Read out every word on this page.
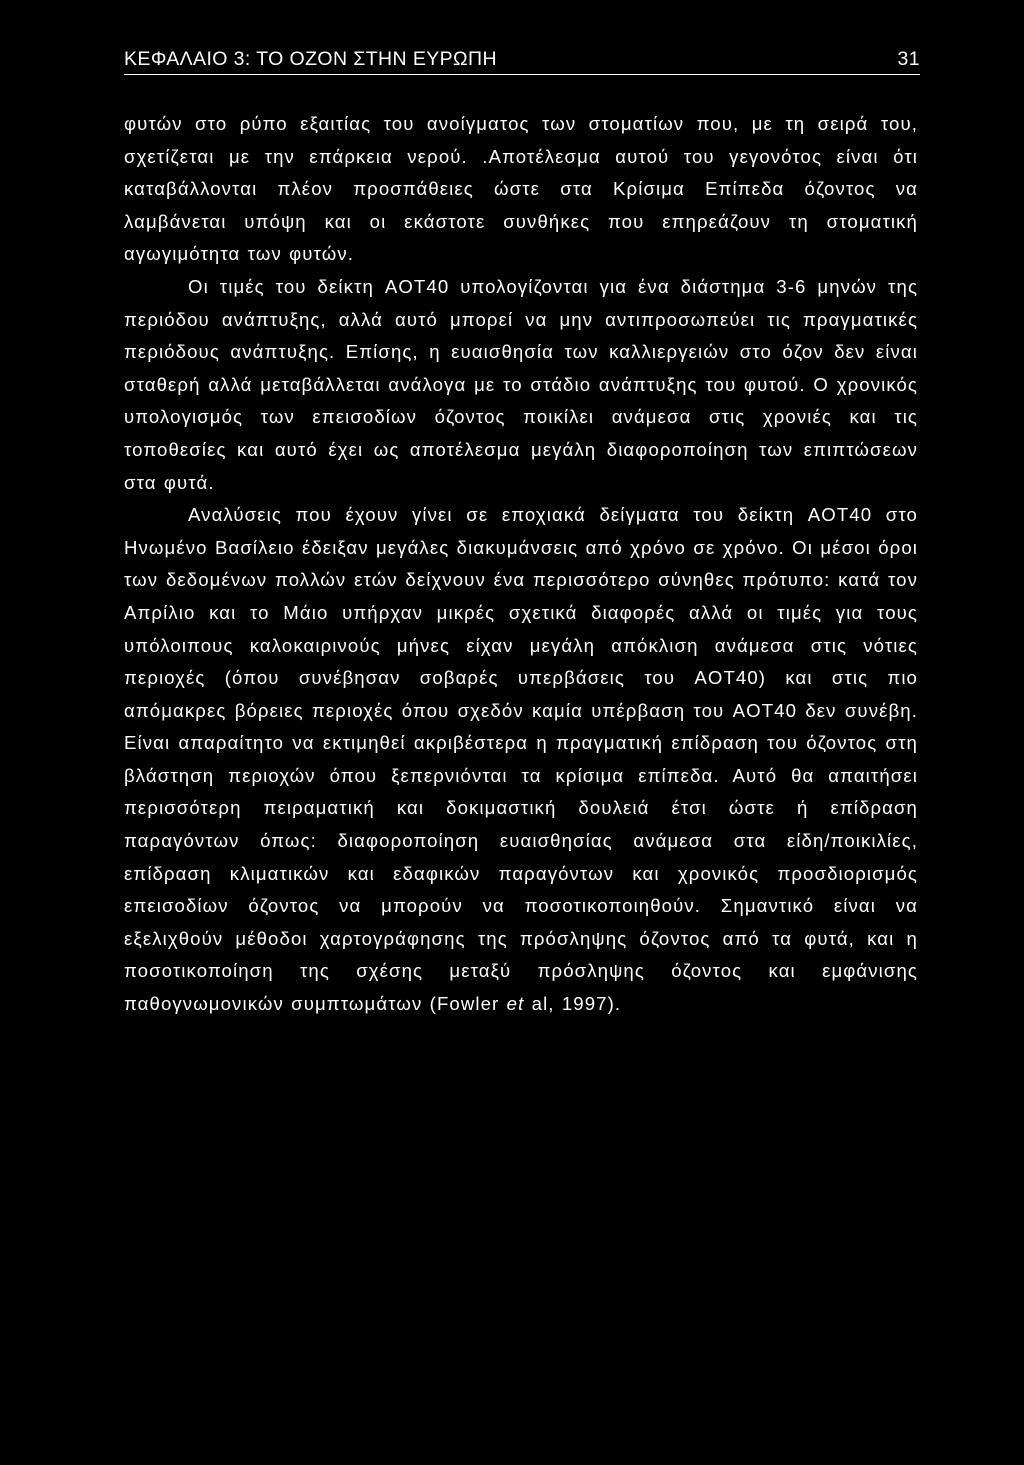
ΚΕΦΑΛΑΙΟ 3: ΤΟ ΟΖΟΝ ΣΤΗΝ ΕΥΡΩΠΗ	31

φυτών στο ρύπο εξαιτίας του ανοίγματος των στοματίων που, με τη σειρά του, σχετίζεται με την επάρκεια νερού. .Αποτέλεσμα αυτού του γεγονότος είναι ότι καταβάλλονται πλέον προσπάθειες ώστε στα Κρίσιμα Επίπεδα όζοντος να λαμβάνεται υπόψη και οι εκάστοτε συνθήκες που επηρεάζουν τη στοματική αγωγιμότητα των φυτών.

Οι τιμές του δείκτη AOT40 υπολογίζονται για ένα διάστημα 3-6 μηνών της περιόδου ανάπτυξης, αλλά αυτό μπορεί να μην αντιπροσωπεύει τις πραγματικές περιόδους ανάπτυξης. Επίσης, η ευαισθησία των καλλιεργειών στο όζον δεν είναι σταθερή αλλά μεταβάλλεται ανάλογα με το στάδιο ανάπτυξης του φυτού. Ο χρονικός υπολογισμός των επεισοδίων όζοντος ποικίλει ανάμεσα στις χρονιές και τις τοποθεσίες και αυτό έχει ως αποτέλεσμα μεγάλη διαφοροποίηση των επιπτώσεων στα φυτά.

Αναλύσεις που έχουν γίνει σε εποχιακά δείγματα του δείκτη AOT40 στο Ηνωμένο Βασίλειο έδειξαν μεγάλες διακυμάνσεις από χρόνο σε χρόνο. Οι μέσοι όροι των δεδομένων πολλών ετών δείχνουν ένα περισσότερο σύνηθες πρότυπο: κατά τον Απρίλιο και το Μάιο υπήρχαν μικρές σχετικά διαφορές αλλά οι τιμές για τους υπόλοιπους καλοκαιρινούς μήνες είχαν μεγάλη απόκλιση ανάμεσα στις νότιες περιοχές (όπου συνέβησαν σοβαρές υπερβάσεις του AOT40) και στις πιο απόμακρες βόρειες περιοχές όπου σχεδόν καμία υπέρβαση του AOT40 δεν συνέβη. Είναι απαραίτητο να εκτιμηθεί ακριβέστερα η πραγματική επίδραση του όζοντος στη βλάστηση περιοχών όπου ξεπερνιόνται τα κρίσιμα επίπεδα. Αυτό θα απαιτήσει περισσότερη πειραματική και δοκιμαστική δουλειά έτσι ώστε ή επίδραση παραγόντων όπως: διαφοροποίηση ευαισθησίας ανάμεσα στα είδη/ποικιλίες, επίδραση κλιματικών και εδαφικών παραγόντων και χρονικός προσδιορισμός επεισοδίων όζοντος να μπορούν να ποσοτικοποιηθούν. Σημαντικό είναι να εξελιχθούν μέθοδοι χαρτογράφησης της πρόσληψης όζοντος από τα φυτά, και η ποσοτικοποίηση της σχέσης μεταξύ πρόσληψης όζοντος και εμφάνισης παθογνωμονικών συμπτωμάτων (Fowler et al, 1997).
